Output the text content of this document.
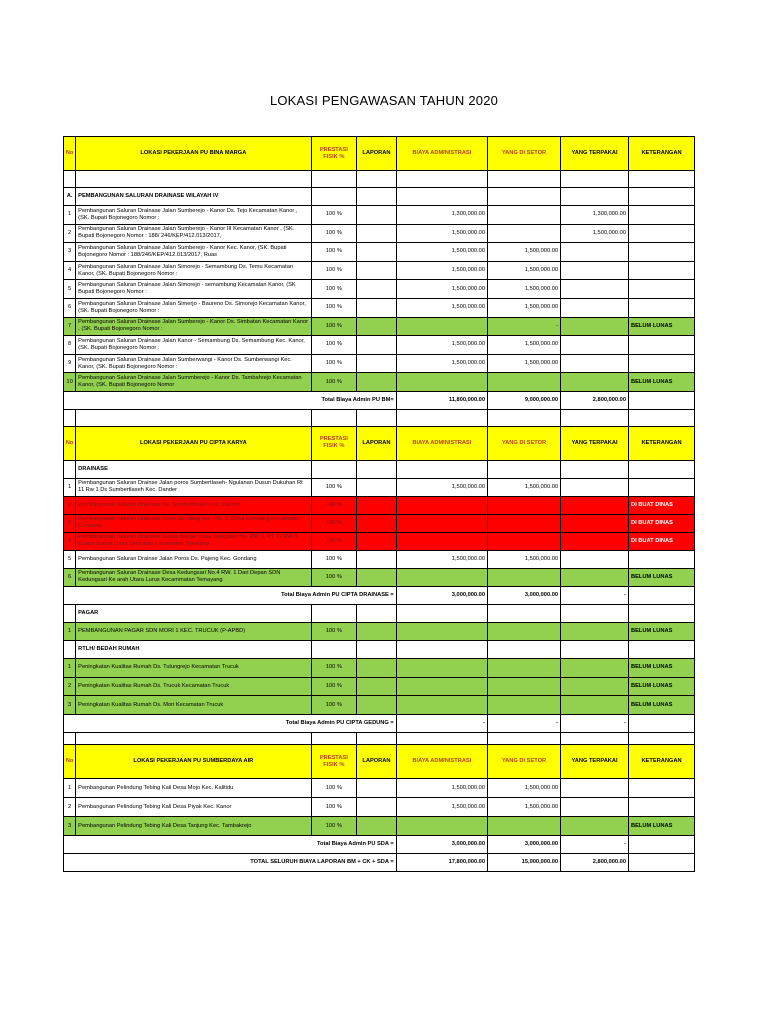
LOKASI PENGAWASAN TAHUN 2020
No	LOKASI PEKERJAAN PU BINA MARGA	PRESTASI FISIK %	LAPORAN	BIAYA ADMINISTRASI	YANG DI SETOR	YANG TERPAKAI	KETERANGAN

A.	PEMBANGUNAN SALURAN DRAINASE WILAYAH IV						
1	Pembangunan Saluran Drainase Jalan Sumberejo - Kanor Ds. Tejo Kecamatan Kanor , (SK. Bupati Bojonegoro Nomor :	100 %		1,300,000.00		1,300,000.00	
2	Pembangunan Saluran Drainase Jalan Sumberejo - Kanor III Kecamatan Kanor , (SK. Bupati Bojonegoro Nomor : 188/ 246/KEP/412.013/2017,	100 %		1,500,000.00		1,500,000.00	
3	Pembangunan Saluran Drainase Jalan Sumberejo - Kanor Kec. Kanor, (SK. Bupati Bojonegoro Nomor : 188/246/KEP/412.013/2017, Ruas	100 %		1,500,000.00	1,500,000.00		
4	Pembangunan Saluran Drainase Jalan Simorejo - Semambung Ds. Temu Kecamatan Kanor, (SK. Bupati Bojonegoro Nomor :	100 %		1,500,000.00	1,500,000.00		
5	Pembangunan Saluran Drainase Jalan Simorejo - semambung Kecamatan Kanor, (SK Bupati Bojonegoro Nomor :	100 %		1,500,000.00	1,500,000.00		
6	Pembangunan Saluran Drainase Jalan Simerjo - Baureno Ds. Simorejo Kecamatan Kanor, (SK. Bupati Bojonegoro Nomor :	100 %		1,500,000.00	1,500,000.00		
7	Pembangunan Saluran Drainase Jalan Sumberejo - Kanor Ds. Simbatan Kecamatan Kanor , (SK. Bupati Bojonegoro Nomor :	100 %			-		BELUM LUNAS
8	Pembangunan Saluran Drainase Jalan Kanor - Semambung Ds. Semambung Kec. Kanor, (SK. Bupati Bojonegoro Nomor :	100 %		1,500,000.00	1,500,000.00		
9	Pembangunan Saluran Drainase Jalan Sumberwangi - Kanor Ds. Sumberwangi Kec. Kanor, (SK. Bupati Bojonegoro Nomor :	100 %		1,500,000.00	1,500,000.00		
10	Pembangunan Saluran Drainase Jalan Summberejo - Kanor Ds. Tambahrejo Kecamatan Kanor, (SK. Bupati Bojonegoro Nomor	100 %					BELUM LUNAS
Total Biaya Admin PU BM=				11,800,000.00	9,000,000.00	2,800,000.00	

No	LOKASI PEKERJAAN PU CIPTA KARYA	PRESTASI FISIK %	LAPORAN	BIAYA ADMINISTRASI	YANG DI SETOR	YANG TERPAKAI	KETERANGAN
	DRAINASE						
1	Pembangunan Saluran Drainse Jalan poros Sumbertlaseh- Ngulanan Dusun Dukuhan Rt 11 Rw 1 Ds Sumbertlaseh Kec. Dander	100 %		1,500,000.00	1,500,000.00		
2	Pembangunan Saluran Drainase Ds. Sumbertlaseh Kec. Dander	100 %					DI BUAT DINAS
3	Pembangunan Saluran Drainase Desa Gondang No. RW. 3, Desa Gondang Kecamatan Gondang	100 %					DI BUAT DINAS
4	Pembangunan Saluran Drainase Dusun Banjar Desa Sangatan No. RW 3, RT 11 RW 3 Dusun Banjar Desa Sengatan Kecamatan Gondang	100 %					DI BUAT DINAS
5	Pembangunan Saluran Drainse Jalan Poros Ds. Pajeng Kec. Gondang	100 %		1,500,000.00	1,500,000.00		
6	Pembangunan Saluran Drainase Desa Kedungsari No.4 RW. 1 Dari Depan SDN Kedungsari Ke arah Utara Lurus Kecammatan Temayang	100 %					BELUM LUNAS
Total Biaya Admin PU CIPTA DRAINASE =				3,000,000.00	3,000,000.00	-	
	PAGAR						
1	PEMBANGUNAN PAGAR SDN MORI 1 KEC. TRUCUK (P-APBD)	100 %					BELUM LUNAS
	RTLH/ BEDAH RUMAH						
1	Peningkatan Kualitas Rumah Ds. Tulungrejo Kecamatan Trucuk	100 %					BELUM LUNAS
2	Peningkatan Kualitas Rumah Ds. Trucuk Kecamatan Trucuk	100 %					BELUM LUNAS
3	Peningkatan Kualitas Rumah Ds. Mori Kecamatan Trucuk	100 %					BELUM LUNAS
Total Biaya Admin PU CIPTA GEDUNG =				-	-	-	

No	LOKASI PEKERJAAN PU SUMBERDAYA AIR	PRESTASI FISIK %	LAPORAN	BIAYA ADMINISTRASI	YANG DI SETOR	YANG TERPAKAI	KETERANGAN
1	Pembangunan Pelindung Tebing Kali Desa Mojo Kec. Kalitidu	100 %		1,500,000.00	1,500,000.00		
2	Pembangunan Pelindung Tebing Kali Desa Piyak Kec. Kanor	100 %		1,500,000.00	1,500,000.00		
3	Pembangunan Pelindung Tebing Kali Desa Tanjung Kec. Tambakrejo	100 %					BELUM LUNAS
Total Biaya Admin PU SDA =				3,000,000.00	3,000,000.00	-	
TOTAL SELURUH BIAYA LAPORAN BM + CK + SDA =				17,800,000.00	15,000,000.00	2,800,000.00	
